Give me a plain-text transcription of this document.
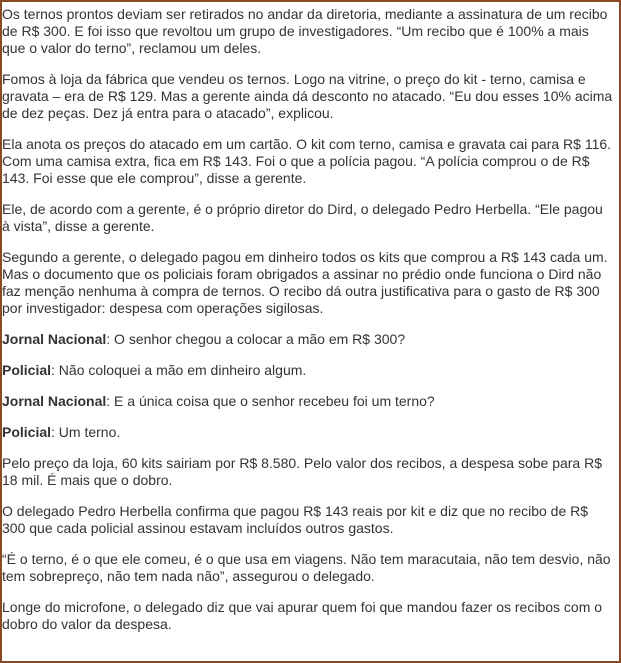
Os ternos prontos deviam ser retirados no andar da diretoria, mediante a assinatura de um recibo de R$ 300. E foi isso que revoltou um grupo de investigadores. “Um recibo que é 100% a mais que o valor do terno”, reclamou um deles.

Fomos à loja da fábrica que vendeu os ternos. Logo na vitrine, o preço do kit - terno, camisa e gravata – era de R$ 129. Mas a gerente ainda dá desconto no atacado. “Eu dou esses 10% acima de dez peças. Dez já entra para o atacado”, explicou.

Ela anota os preços do atacado em um cartão. O kit com terno, camisa e gravata cai para R$ 116. Com uma camisa extra, fica em R$ 143. Foi o que a polícia pagou. “A polícia comprou o de R$ 143. Foi esse que ele comprou”, disse a gerente.

Ele, de acordo com a gerente, é o próprio diretor do Dird, o delegado Pedro Herbella. “Ele pagou à vista”, disse a gerente.

Segundo a gerente, o delegado pagou em dinheiro todos os kits que comprou a R$ 143 cada um. Mas o documento que os policiais foram obrigados a assinar no prédio onde funciona o Dird não faz menção nenhuma à compra de ternos. O recibo dá outra justificativa para o gasto de R$ 300 por investigador: despesa com operações sigilosas.

Jornal Nacional: O senhor chegou a colocar a mão em R$ 300?

Policial: Não coloquei a mão em dinheiro algum.

Jornal Nacional: E a única coisa que o senhor recebeu foi um terno?

Policial: Um terno.

Pelo preço da loja, 60 kits sairiam por R$ 8.580. Pelo valor dos recibos, a despesa sobe para R$ 18 mil. É mais que o dobro.

O delegado Pedro Herbella confirma que pagou R$ 143 reais por kit e diz que no recibo de R$ 300 que cada policial assinou estavam incluídos outros gastos.

“É o terno, é o que ele comeu, é o que usa em viagens. Não tem maracutaia, não tem desvio, não tem sobrepreço, não tem nada não”, assegurou o delegado.

Longe do microfone, o delegado diz que vai apurar quem foi que mandou fazer os recibos com o dobro do valor da despesa.
